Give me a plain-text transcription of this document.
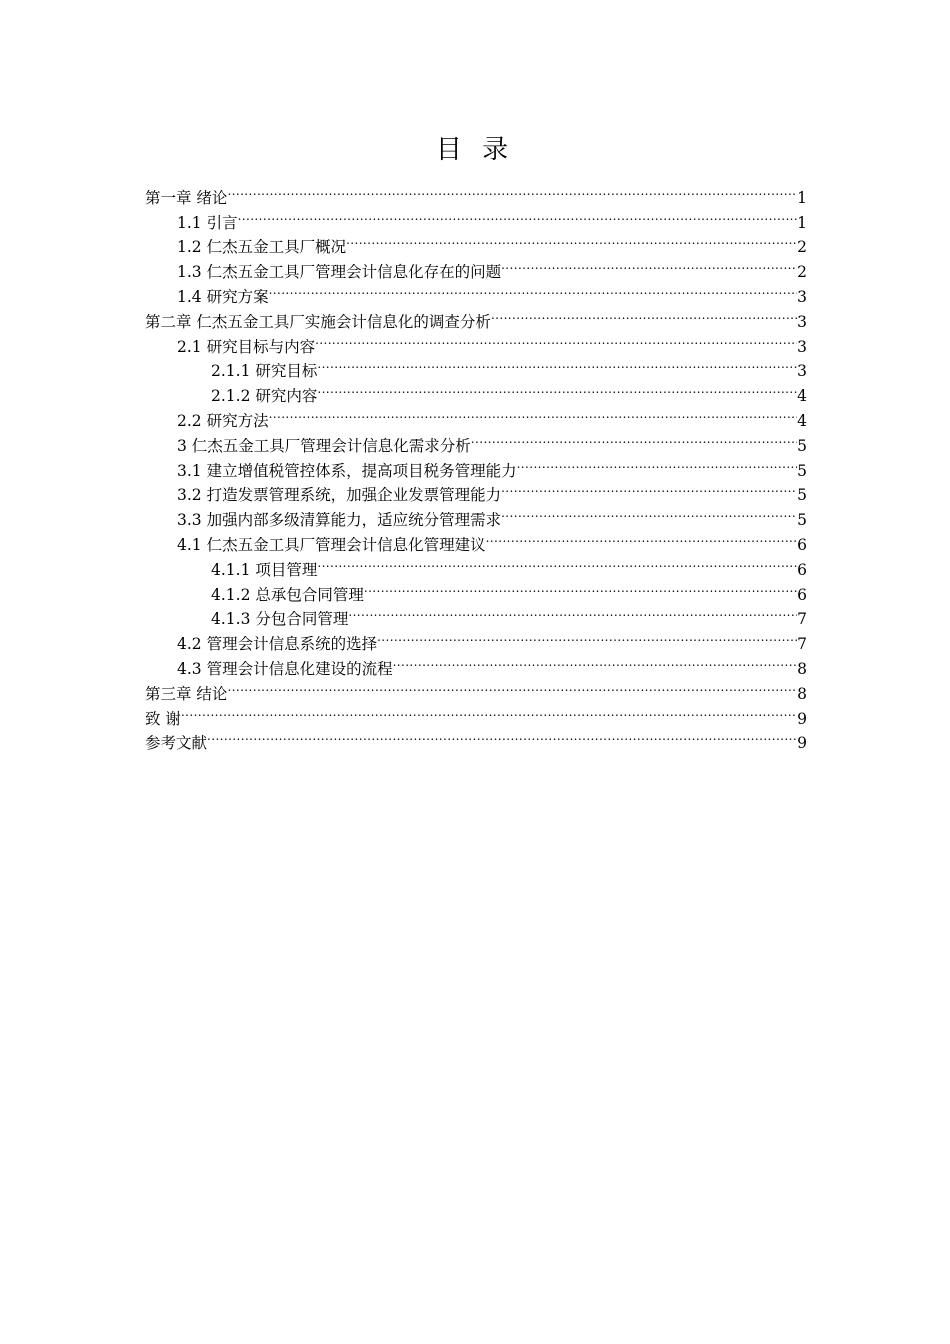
目 录
第一章 绪论 .....	1
1.1 引言 .....	1
1.2 仁杰五金工具厂概况 .....	2
1.3 仁杰五金工具厂管理会计信息化存在的问题 .....	2
1.4 研究方案 .....	3
第二章 仁杰五金工具厂实施会计信息化的调查分析 .....	3
2.1 研究目标与内容 .....	3
2.1.1 研究目标 .....	3
2.1.2 研究内容 .....	4
2.2 研究方法 .....	4
3 仁杰五金工具厂管理会计信息化需求分析 .....	5
3.1 建立增值税管控体系，提高项目税务管理能力 .....	5
3.2 打造发票管理系统，加强企业发票管理能力 .....	5
3.3 加强内部多级清算能力，适应统分管理需求 .....	5
4.1 仁杰五金工具厂管理会计信息化管理建议 .....	6
4.1.1 项目管理 .....	6
4.1.2 总承包合同管理 .....	6
4.1.3 分包合同管理 .....	7
4.2 管理会计信息系统的选择 .....	7
4.3 管理会计信息化建设的流程 .....	8
第三章 结论 .....	8
致 谢 .....	9
参考文献 .....	9
